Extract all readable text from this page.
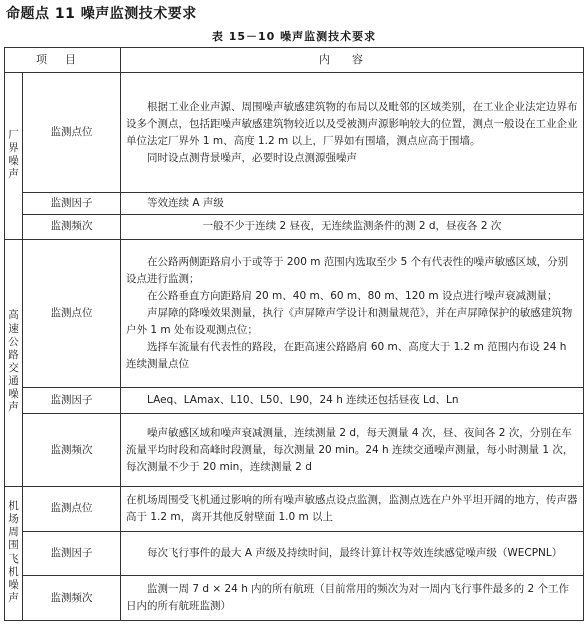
命题点 11 噪声监测技术要求
表 15－10 噪声监测技术要求
项目		内容
厂界噪声	监测点位	根据工业企业声源、周围噪声敏感建筑物的布局以及毗邻的区域类别，在工业企业法定边界布设多个测点，包括距噪声敏感建筑物较近以及受被测声源影响较大的位置，测点一般设在工业企业单位法定厂界外 1 m、高度 1.2 m 以上，厂界如有围墙，测点应高于围墙。

同时设点测背景噪声，必要时设点测源强噪声

	监测因子	等效连续 A 声级

	监测频次	一般不少于连续 2 昼夜，无连续监测条件的测 2 d，昼夜各 2 次

高速公路交通噪声	监测点位	在公路两侧距路肩小于或等于 200 m 范围内选取至少 5 个有代表性的噪声敏感区域，分别设点进行监测；

在公路垂直方向距路肩 20 m、40 m、60 m、80 m、120 m 设点进行噪声衰减测量；

声屏障的降噪效果测量，执行《声屏障声学设计和测量规范》，并在声屏障保护的敏感建筑物户外 1 m 处布设观测点位；

选择车流量有代表性的路段，在距高速公路路肩 60 m、高度大于 1.2 m 范围内布设 24 h 连续测量点位

	监测因子	LAeq、LAmax、L10、L50、L90，24 h 连续还包括昼夜 Ld、Ln

	监测频次	噪声敏感区域和噪声衰减测量，连续测量 2 d，每天测量 4 次，昼、夜间各 2 次，分别在车流量平均时段和高峰时段测量，每次测量 20 min。24 h 连续交通噪声测量，每小时测量 1 次，每次测量不少于 20 min，连续测量 2 d

机场周围飞机噪声	监测点位	在机场周围受飞机通过影响的所有噪声敏感点设点监测，监测点选在户外平坦开阔的地方，传声器高于 1.2 m，离开其他反射壁面 1.0 m 以上

	监测因子	每次飞行事件的最大 A 声级及持续时间，最终计算计权等效连续感觉噪声级（WECPNL）

	监测频次	监测一周 7 d × 24 h 内的所有航班（目前常用的频次为对一周内飞行事件最多的 2 个工作日内的所有航班监测）
